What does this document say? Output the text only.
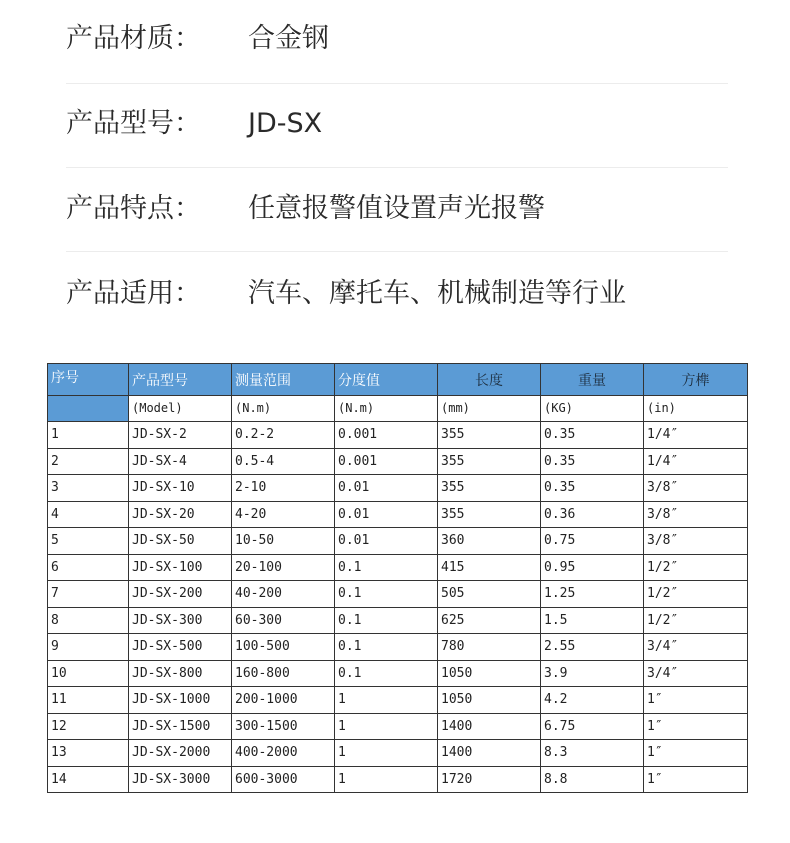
产品材质： 合金钢
产品型号： JD-SX
产品特点： 任意报警值设置声光报警
产品适用： 汽车、摩托车、机械制造等行业
序号	产品型号	测量范围	分度值	长度	重量	方榫
	(Model)	(N.m)	(N.m)	(mm)	(KG)	(in)
1	JD-SX-2	0.2-2	0.001	355	0.35	1/4″
2	JD-SX-4	0.5-4	0.001	355	0.35	1/4″
3	JD-SX-10	2-10	0.01	355	0.35	3/8″
4	JD-SX-20	4-20	0.01	355	0.36	3/8″
5	JD-SX-50	10-50	0.01	360	0.75	3/8″
6	JD-SX-100	20-100	0.1	415	0.95	1/2″
7	JD-SX-200	40-200	0.1	505	1.25	1/2″
8	JD-SX-300	60-300	0.1	625	1.5	1/2″
9	JD-SX-500	100-500	0.1	780	2.55	3/4″
10	JD-SX-800	160-800	0.1	1050	3.9	3/4″
11	JD-SX-1000	200-1000	1	1050	4.2	1″
12	JD-SX-1500	300-1500	1	1400	6.75	1″
13	JD-SX-2000	400-2000	1	1400	8.3	1″
14	JD-SX-3000	600-3000	1	1720	8.8	1″
